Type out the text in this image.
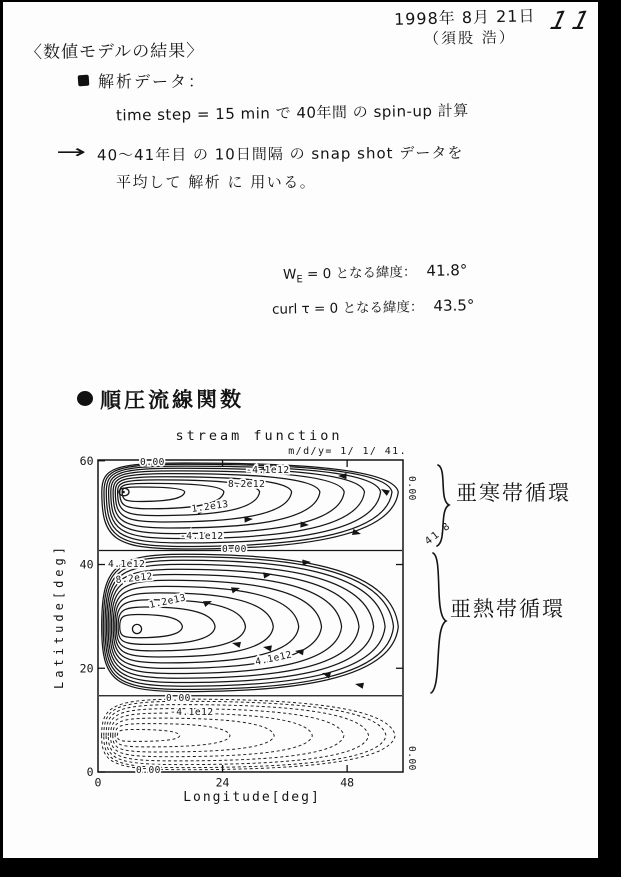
1998年 8月 21日
（須股 浩）
11
〈数値モデルの結果〉
解析データ：
time step = 15 min で 40年間 の spin-up 計算
→ 40〜41年目 の 10日間隔 の snap shot データを
平均して 解析 に 用いる。
$W_E = 0$ となる緯度： 41.8°
curl τ = 0 となる緯度： 43.5°
順圧流線関数
stream function
m/d/y= 1/ 1/ 41.
0	24	48
0
20
40
60	0.00
-4.1e12
8.2e12
1.2e13
-4.1e12
0.00
4.1e12
8.2e12
1.2e13
4.1e12
0.00
-4.1e12
0.00
0.00
0.00
Longitude[deg]
Latitude[deg]
亜寒帯循環
亜熱帯循環
41.8
